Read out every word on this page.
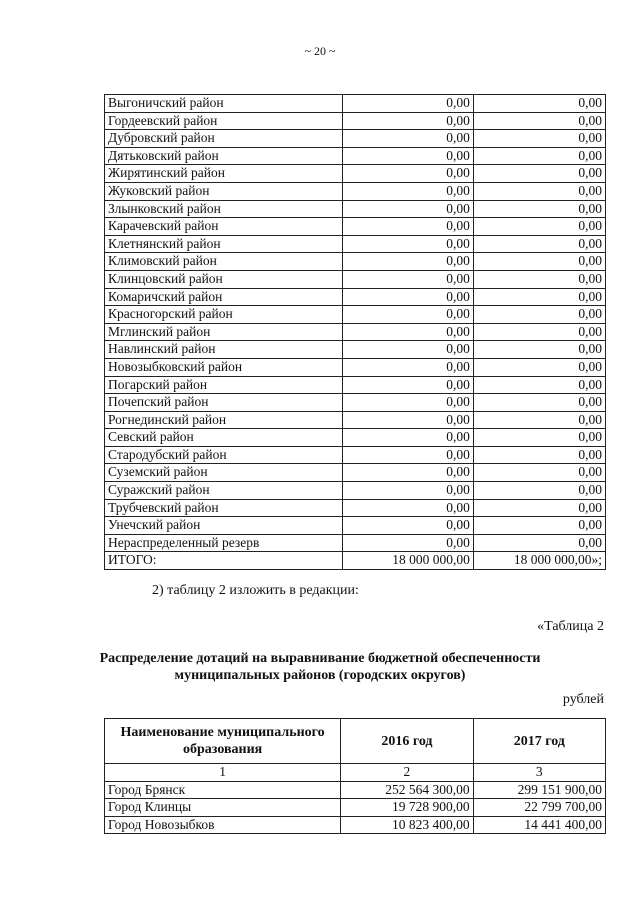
~ 20 ~
Выгоничский район	0,00	0,00
Гордеевский район	0,00	0,00
Дубровский район	0,00	0,00
Дятьковский район	0,00	0,00
Жирятинский район	0,00	0,00
Жуковский район	0,00	0,00
Злынковский район	0,00	0,00
Карачевский район	0,00	0,00
Клетнянский район	0,00	0,00
Климовский район	0,00	0,00
Клинцовский район	0,00	0,00
Комаричский район	0,00	0,00
Красногорский район	0,00	0,00
Мглинский район	0,00	0,00
Навлинский район	0,00	0,00
Новозыбковский район	0,00	0,00
Погарский район	0,00	0,00
Почепский район	0,00	0,00
Рогнединский район	0,00	0,00
Севский район	0,00	0,00
Стародубский район	0,00	0,00
Суземский район	0,00	0,00
Суражский район	0,00	0,00
Трубчевский район	0,00	0,00
Унечский район	0,00	0,00
Нераспределенный резерв	0,00	0,00
ИТОГО:	18 000 000,00	18 000 000,00»;
2) таблицу 2 изложить в редакции:
«Таблица 2
Распределение дотаций на выравнивание бюджетной обеспеченности
муниципальных районов (городских округов)
рублей
Наименование муниципального образования	2016 год	2017 год
1	2	3
Город Брянск	252 564 300,00	299 151 900,00
Город Клинцы	19 728 900,00	22 799 700,00
Город Новозыбков	10 823 400,00	14 441 400,00
